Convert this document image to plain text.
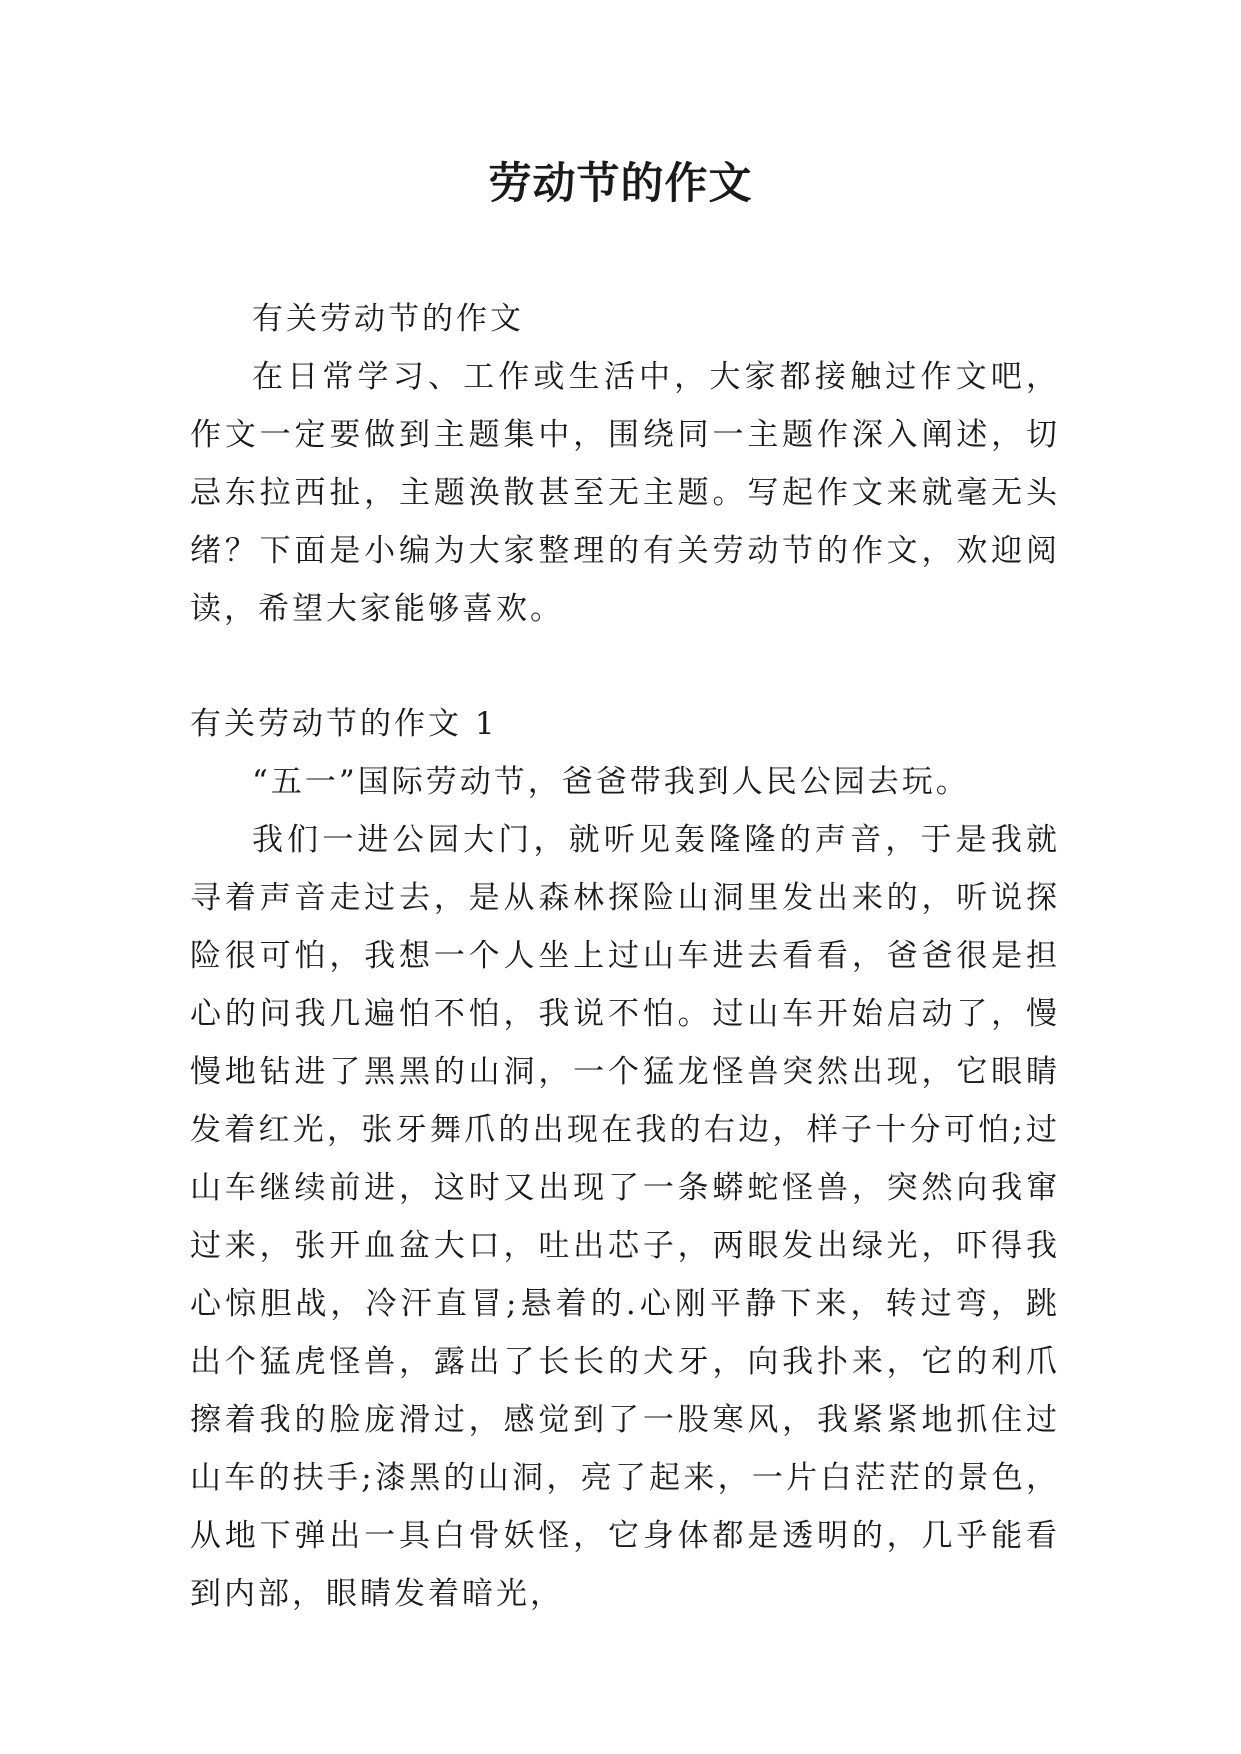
劳动节的作文

有关劳动节的作文

在日常学习、工作或生活中，大家都接触过作文吧，作文一定要做到主题集中，围绕同一主题作深入阐述，切忌东拉西扯，主题涣散甚至无主题。写起作文来就毫无头绪？下面是小编为大家整理的有关劳动节的作文，欢迎阅读，希望大家能够喜欢。

有关劳动节的作文 1

“五一”国际劳动节，爸爸带我到人民公园去玩。

我们一进公园大门，就听见轰隆隆的声音，于是我就寻着声音走过去，是从森林探险山洞里发出来的，听说探险很可怕，我想一个人坐上过山车进去看看，爸爸很是担心的问我几遍怕不怕，我说不怕。过山车开始启动了，慢慢地钻进了黑黑的山洞，一个猛龙怪兽突然出现，它眼睛发着红光，张牙舞爪的出现在我的右边，样子十分可怕;过山车继续前进，这时又出现了一条蟒蛇怪兽，突然向我窜过来，张开血盆大口，吐出芯子，两眼发出绿光，吓得我心惊胆战，冷汗直冒;悬着的.心刚平静下来，转过弯，跳出个猛虎怪兽，露出了长长的犬牙，向我扑来，它的利爪擦着我的脸庞滑过，感觉到了一股寒风，我紧紧地抓住过山车的扶手;漆黑的山洞，亮了起来，一片白茫茫的景色，从地下弹出一具白骨妖怪，它身体都是透明的，几乎能看到内部，眼睛发着暗光，
